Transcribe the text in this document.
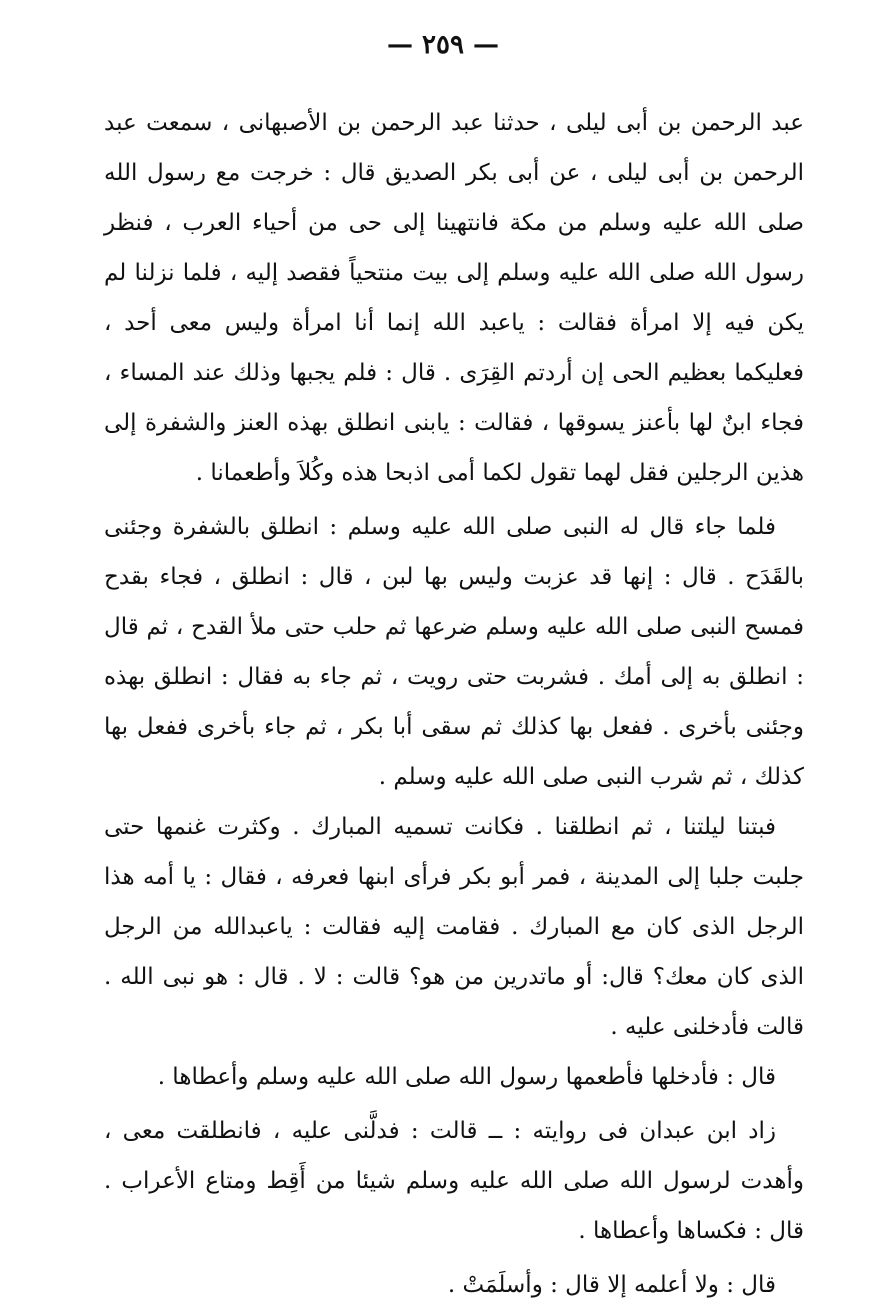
— ٢٥٩ —

عبد الرحمن بن أبى ليلى ، حدثنا عبد الرحمن بن الأصبهانى ، سمعت عبد الرحمن بن أبى ليلى ، عن أبى بكر الصديق قال : خرجت مع رسول الله صلى الله عليه وسلم من مكة فانتهينا إلى حى من أحياء العرب ، فنظر رسول الله صلى الله عليه وسلم إلى بيت منتحياً فقصد إليه ، فلما نزلنا لم يكن فيه إلا امرأة فقالت : ياعبد الله إنما أنا امرأة وليس معى أحد ، فعليكما بعظيم الحى إن أردتم القِرَى . قال : فلم يجبها وذلك عند المساء ، فجاء ابنٌ لها بأعنز يسوقها ، فقالت : يابنى انطلق بهذه العنز والشفرة إلى هذين الرجلين فقل لهما تقول لكما أمى اذبحا هذه وكُلاَ وأطعمانا .

فلما جاء قال له النبى صلى الله عليه وسلم : انطلق بالشفرة وجئنى بالقَدَح . قال : إنها قد عزبت وليس بها لبن ، قال : انطلق ، فجاء بقدح فمسح النبى صلى الله عليه وسلم ضرعها ثم حلب حتى ملأ القدح ، ثم قال : انطلق به إلى أمك . فشربت حتى رويت ، ثم جاء به فقال : انطلق بهذه وجئنى بأخرى . ففعل بها كذلك ثم سقى أبا بكر ، ثم جاء بأخرى ففعل بها كذلك ، ثم شرب النبى صلى الله عليه وسلم .

فبتنا ليلتنا ، ثم انطلقنا . فكانت تسميه المبارك . وكثرت غنمها حتى جلبت جلبا إلى المدينة ، فمر أبو بكر فرأى ابنها فعرفه ، فقال : يا أمه هذا الرجل الذى كان مع المبارك . فقامت إليه فقالت : ياعبدالله من الرجل الذى كان معك؟ قال: أو ماتدرين من هو؟ قالت : لا . قال : هو نبى الله . قالت فأدخلنى عليه .

قال : فأدخلها فأطعمها رسول الله صلى الله عليه وسلم وأعطاها .

زاد ابن عبدان فى روايته : ــ قالت : فدلَّنى عليه ، فانطلقت معى ، وأهدت لرسول الله صلى الله عليه وسلم شيئا من أَقِط ومتاع الأعراب . قال : فكساها وأعطاها .

قال : ولا أعلمه إلا قال : وأسلَمَتْ .
